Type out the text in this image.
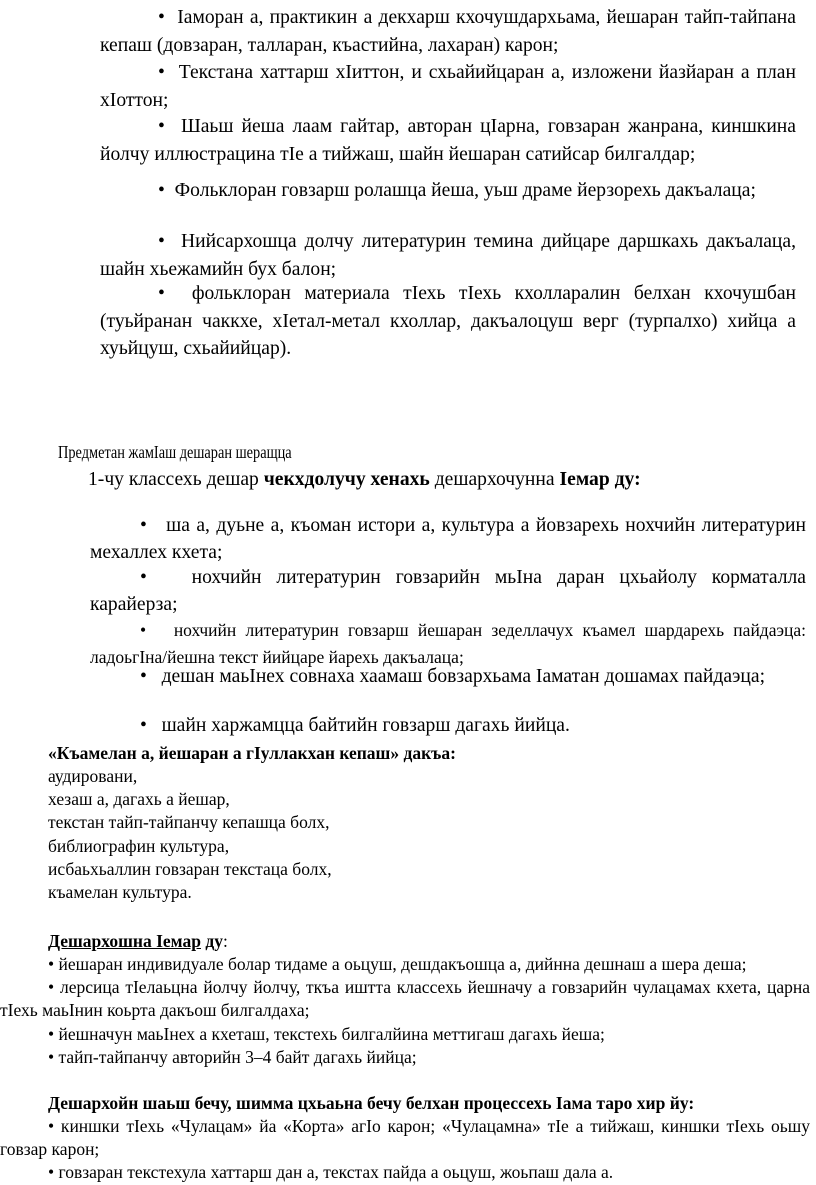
•  Іаморан а, практикин а декхарш кхочушдархьама, йешаран тайп-тайпана кепаш (довзаран, талларан, къастийна, лахаран) карон;
•  Текстана хаттарш хІиттон, и схьайийцаран а, изложени йазйаран а план хІоттон;
•  Шаьш йеша лаам гайтар, авторан цІарна, говзаран жанрана, киншкина йолчу иллюстрацина тІе а тийжаш, шайн йешаран сатийсар билгалдар;
•  Фольклоран говзарш ролашца йеша, уьш драме йерзорехь дакъалаца;
•  Нийсархошца долчу литературин темина дийцаре даршкахь дакъалаца, шайн хьежамийн бух балон;
•  фольклоран материала тІехь тІехь кхолларалин белхан кхочушбан (туьйранан чаккхе, хІетал-метал кхоллар, дакъалоцуш верг (турпалхо) хийца а хуьйцуш, схьайийцар).
Предметан жамІаш дешаран шеращца
1-чу классехь дешар чекхдолучу хенахь дешархочунна Іемар ду:
•   ша а, дуьне а, къоман истори а, культура а йовзарехь нохчийн литературин мехаллех кхета;
•   нохчийн литературин говзарийн мьІна даран цхьайолу корматалла карайерза;
•   нохчийн литературин говзарш йешаран зеделлачух къамел шардарехь пайдаэца: ладоьгІна/йешна текст йийцаре йарехь дакъалаца;
•   дешан маьІнех совнаха хаамаш бовзархьама Іаматан дошамах пайдаэца;
•   шайн харжамцца байтийн говзарш дагахь йийца.
«Къамелан а, йешаран а гІуллакхан кепаш» дакъа:
аудировани,
хезаш а, дагахь а йешар,
текстан тайп-тайпанчу кепашца болх,
библиографин культура,
исбаьхьаллин говзаран текстаца болх,
къамелан культура.
Дешархошна Іемар ду:
• йешаран индивидуале болар тидаме а оьцуш, дешдакъошца а, дийнна дешнаш а шера деша;
• лерсица тІелаьцна йолчу йолчу, ткъа иштта классехь йешначу а говзарийн чулацамах кхета, царна тІехь маьІнин коьрта дакъош билгалдаха;
• йешначун маьІнех а кхеташ, текстехь билгалйина меттигаш дагахь йеша;
• тайп-тайпанчу авторийн 3–4 байт дагахь йийца;
Дешархойн шаьш бечу, шимма цхьаьна бечу белхан процессехь Іама таро хир йу:
• киншки тІехь «Чулацам» йа «Корта» агІо карон; «Чулацамна» тІе а тийжаш, киншки тІехь оьшу говзар карон;
• говзаран текстехула хаттарш дан а, текстах пайда а оьцуш, жоьпаш дала а.
